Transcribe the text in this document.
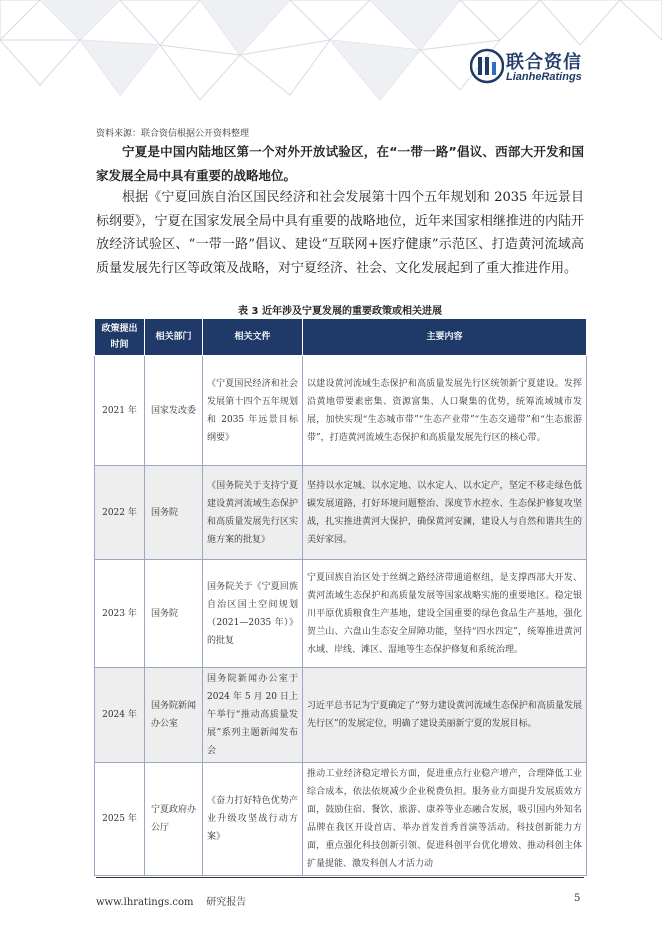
联合资信
LianheRatings
资料来源：联合资信根据公开资料整理

宁夏是中国内陆地区第一个对外开放试验区，在“一带一路”倡议、西部大开发和国家发展全局中具有重要的战略地位。

根据《宁夏回族自治区国民经济和社会发展第十四个五年规划和 2035 年远景目标纲要》，宁夏在国家发展全局中具有重要的战略地位，近年来国家相继推进的内陆开放经济试验区、“一带一路”倡议、建设“互联网+医疗健康”示范区、打造黄河流域高质量发展先行区等政策及战略，对宁夏经济、社会、文化发展起到了重大推进作用。

表 3 近年涉及宁夏发展的重要政策或相关进展
政策提出时间	相关部门	相关文件	主要内容
2021 年	国家发改委	《宁夏国民经济和社会发展第十四个五年规划和 2035 年远景目标纲要》	以建设黄河流域生态保护和高质量发展先行区统领新宁夏建设。发挥沿黄地带要素密集、资源富集、人口聚集的优势，统筹流域城市发展，加快实现“生态城市带”“生态产业带”“生态交通带”和“生态旅游带”，打造黄河流域生态保护和高质量发展先行区的核心带。
2022 年	国务院	《国务院关于支持宁夏建设黄河流域生态保护和高质量发展先行区实施方案的批复》	坚持以水定城、以水定地、以水定人、以水定产，坚定不移走绿色低碳发展道路，打好环境问题整治、深度节水控水、生态保护修复攻坚战，扎实推进黄河大保护，确保黄河安澜，建设人与自然和谐共生的美好家园。
2023 年	国务院	国务院关于《宁夏回族自治区国土空间规划（2021—2035 年）》的批复	宁夏回族自治区处于丝绸之路经济带通道枢纽，是支撑西部大开发、黄河流域生态保护和高质量发展等国家战略实施的重要地区。稳定银川平原优质粮食生产基地，建设全国重要的绿色食品生产基地，强化贺兰山、六盘山生态安全屏障功能，坚持“四水四定”，统筹推进黄河水域、岸线、滩区、湿地等生态保护修复和系统治理。
2024 年	国务院新闻办公室	国务院新闻办公室于 2024 年 5 月 20 日上午举行“推动高质量发展”系列主题新闻发布会	习近平总书记为宁夏确定了“努力建设黄河流域生态保护和高质量发展先行区”的发展定位，明确了建设美丽新宁夏的发展目标。
2025 年	宁夏政府办公厅	《奋力打好特色优势产业升级攻坚战行动方案》	推动工业经济稳定增长方面，促进重点行业稳产增产，合理降低工业综合成本，依法依规减少企业税费负担。服务业方面提升发展质效方面，鼓励住宿、餐饮、旅游、康养等业态融合发展，吸引国内外知名品牌在我区开设首店、举办首发首秀首演等活动。科技创新能力方面，重点强化科技创新引领、促进科创平台优化增效、推动科创主体扩量提能、激发科创人才活力动
www.lhratings.com    研究报告	5
